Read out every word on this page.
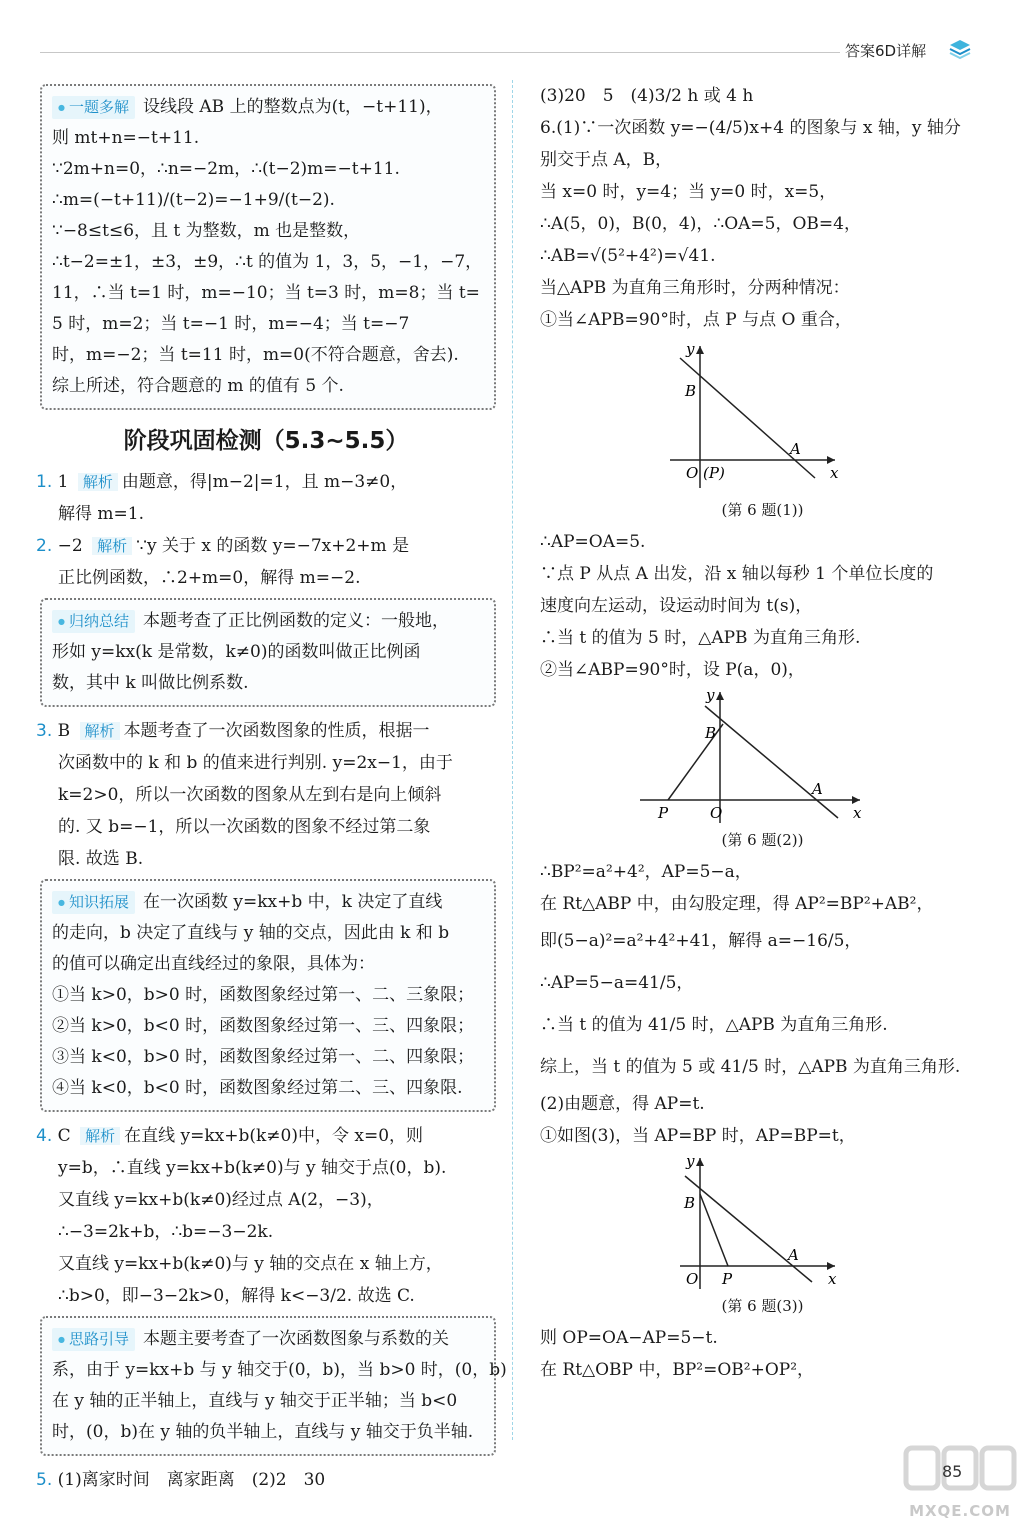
答案6D详解
● 一题多解 设线段 AB 上的整数点为(t，−t+11)，
则 mt+n=−t+11.
∵2m+n=0，∴n=−2m，∴(t−2)m=−t+11.
∴m=(−t+11)/(t−2)=−1+9/(t−2).
∵−8≤t≤6，且 t 为整数，m 也是整数，
∴t−2=±1，±3，±9，∴t 的值为 1，3，5，−1，−7，
11，∴当 t=1 时，m=−10；当 t=3 时，m=8；当 t=
5 时，m=2；当 t=−1 时，m=−4；当 t=−7
时，m=−2；当 t=11 时，m=0(不符合题意，舍去).
综上所述，符合题意的 m 的值有 5 个.
阶段巩固检测（5.3~5.5）
1. 1 解析 由题意，得|m−2|=1，且 m−3≠0，
解得 m=1.
2. −2 解析 ∵y 关于 x 的函数 y=−7x+2+m 是
正比例函数，∴2+m=0，解得 m=−2.
● 归纳总结 本题考查了正比例函数的定义：一般地，
形如 y=kx(k 是常数，k≠0)的函数叫做正比例函
数，其中 k 叫做比例系数.
3. B 解析 本题考查了一次函数图象的性质，根据一
次函数中的 k 和 b 的值来进行判别. y=2x−1，由于
k=2>0，所以一次函数的图象从左到右是向上倾斜
的. 又 b=−1，所以一次函数的图象不经过第二象
限. 故选 B.
● 知识拓展 在一次函数 y=kx+b 中，k 决定了直线
的走向，b 决定了直线与 y 轴的交点，因此由 k 和 b
的值可以确定出直线经过的象限，具体为：
①当 k>0，b>0 时，函数图象经过第一、二、三象限；
②当 k>0，b<0 时，函数图象经过第一、三、四象限；
③当 k<0，b>0 时，函数图象经过第一、二、四象限；
④当 k<0，b<0 时，函数图象经过第二、三、四象限.
4. C 解析 在直线 y=kx+b(k≠0)中，令 x=0，则
y=b，∴直线 y=kx+b(k≠0)与 y 轴交于点(0，b).
又直线 y=kx+b(k≠0)经过点 A(2，−3)，
∴−3=2k+b，∴b=−3−2k.
又直线 y=kx+b(k≠0)与 y 轴的交点在 x 轴上方，
∴b>0，即−3−2k>0，解得 k<−3/2. 故选 C.
● 思路引导 本题主要考查了一次函数图象与系数的关
系，由于 y=kx+b 与 y 轴交于(0，b)，当 b>0 时，(0，b)
在 y 轴的正半轴上，直线与 y 轴交于正半轴；当 b<0
时，(0，b)在 y 轴的负半轴上，直线与 y 轴交于负半轴.
5. (1)离家时间　离家距离　(2)2　30
(3)20　5　(4)3/2 h 或 4 h
6.(1)∵一次函数 y=−(4/5)x+4 的图象与 x 轴，y 轴分
别交于点 A，B，
当 x=0 时，y=4；当 y=0 时，x=5，
∴A(5，0)，B(0，4)，∴OA=5，OB=4，
∴AB=√(5²+4²)=√41.
当△APB 为直角三角形时，分两种情况：
①当∠APB=90°时，点 P 与点 O 重合，
x
y
B
A
O (P)
(第 6 题(1))
∴AP=OA=5.
∵点 P 从点 A 出发，沿 x 轴以每秒 1 个单位长度的
速度向左运动，设运动时间为 t(s)，
∴当 t 的值为 5 时，△APB 为直角三角形.
②当∠ABP=90°时，设 P(a，0)，
x
y
B
A
O
P
(第 6 题(2))
∴BP²=a²+4²，AP=5−a，
在 Rt△ABP 中，由勾股定理，得 AP²=BP²+AB²，
即(5−a)²=a²+4²+41，解得 a=−16/5，
∴AP=5−a=41/5，
∴当 t 的值为 41/5 时，△APB 为直角三角形.
综上，当 t 的值为 5 或 41/5 时，△APB 为直角三角形.
(2)由题意，得 AP=t.
①如图(3)，当 AP=BP 时，AP=BP=t，
x
y
B
A
O P
(第 6 题(3))
则 OP=OA−AP=5−t.
在 Rt△OBP 中，BP²=OB²+OP²，
MXQE.COM
85
